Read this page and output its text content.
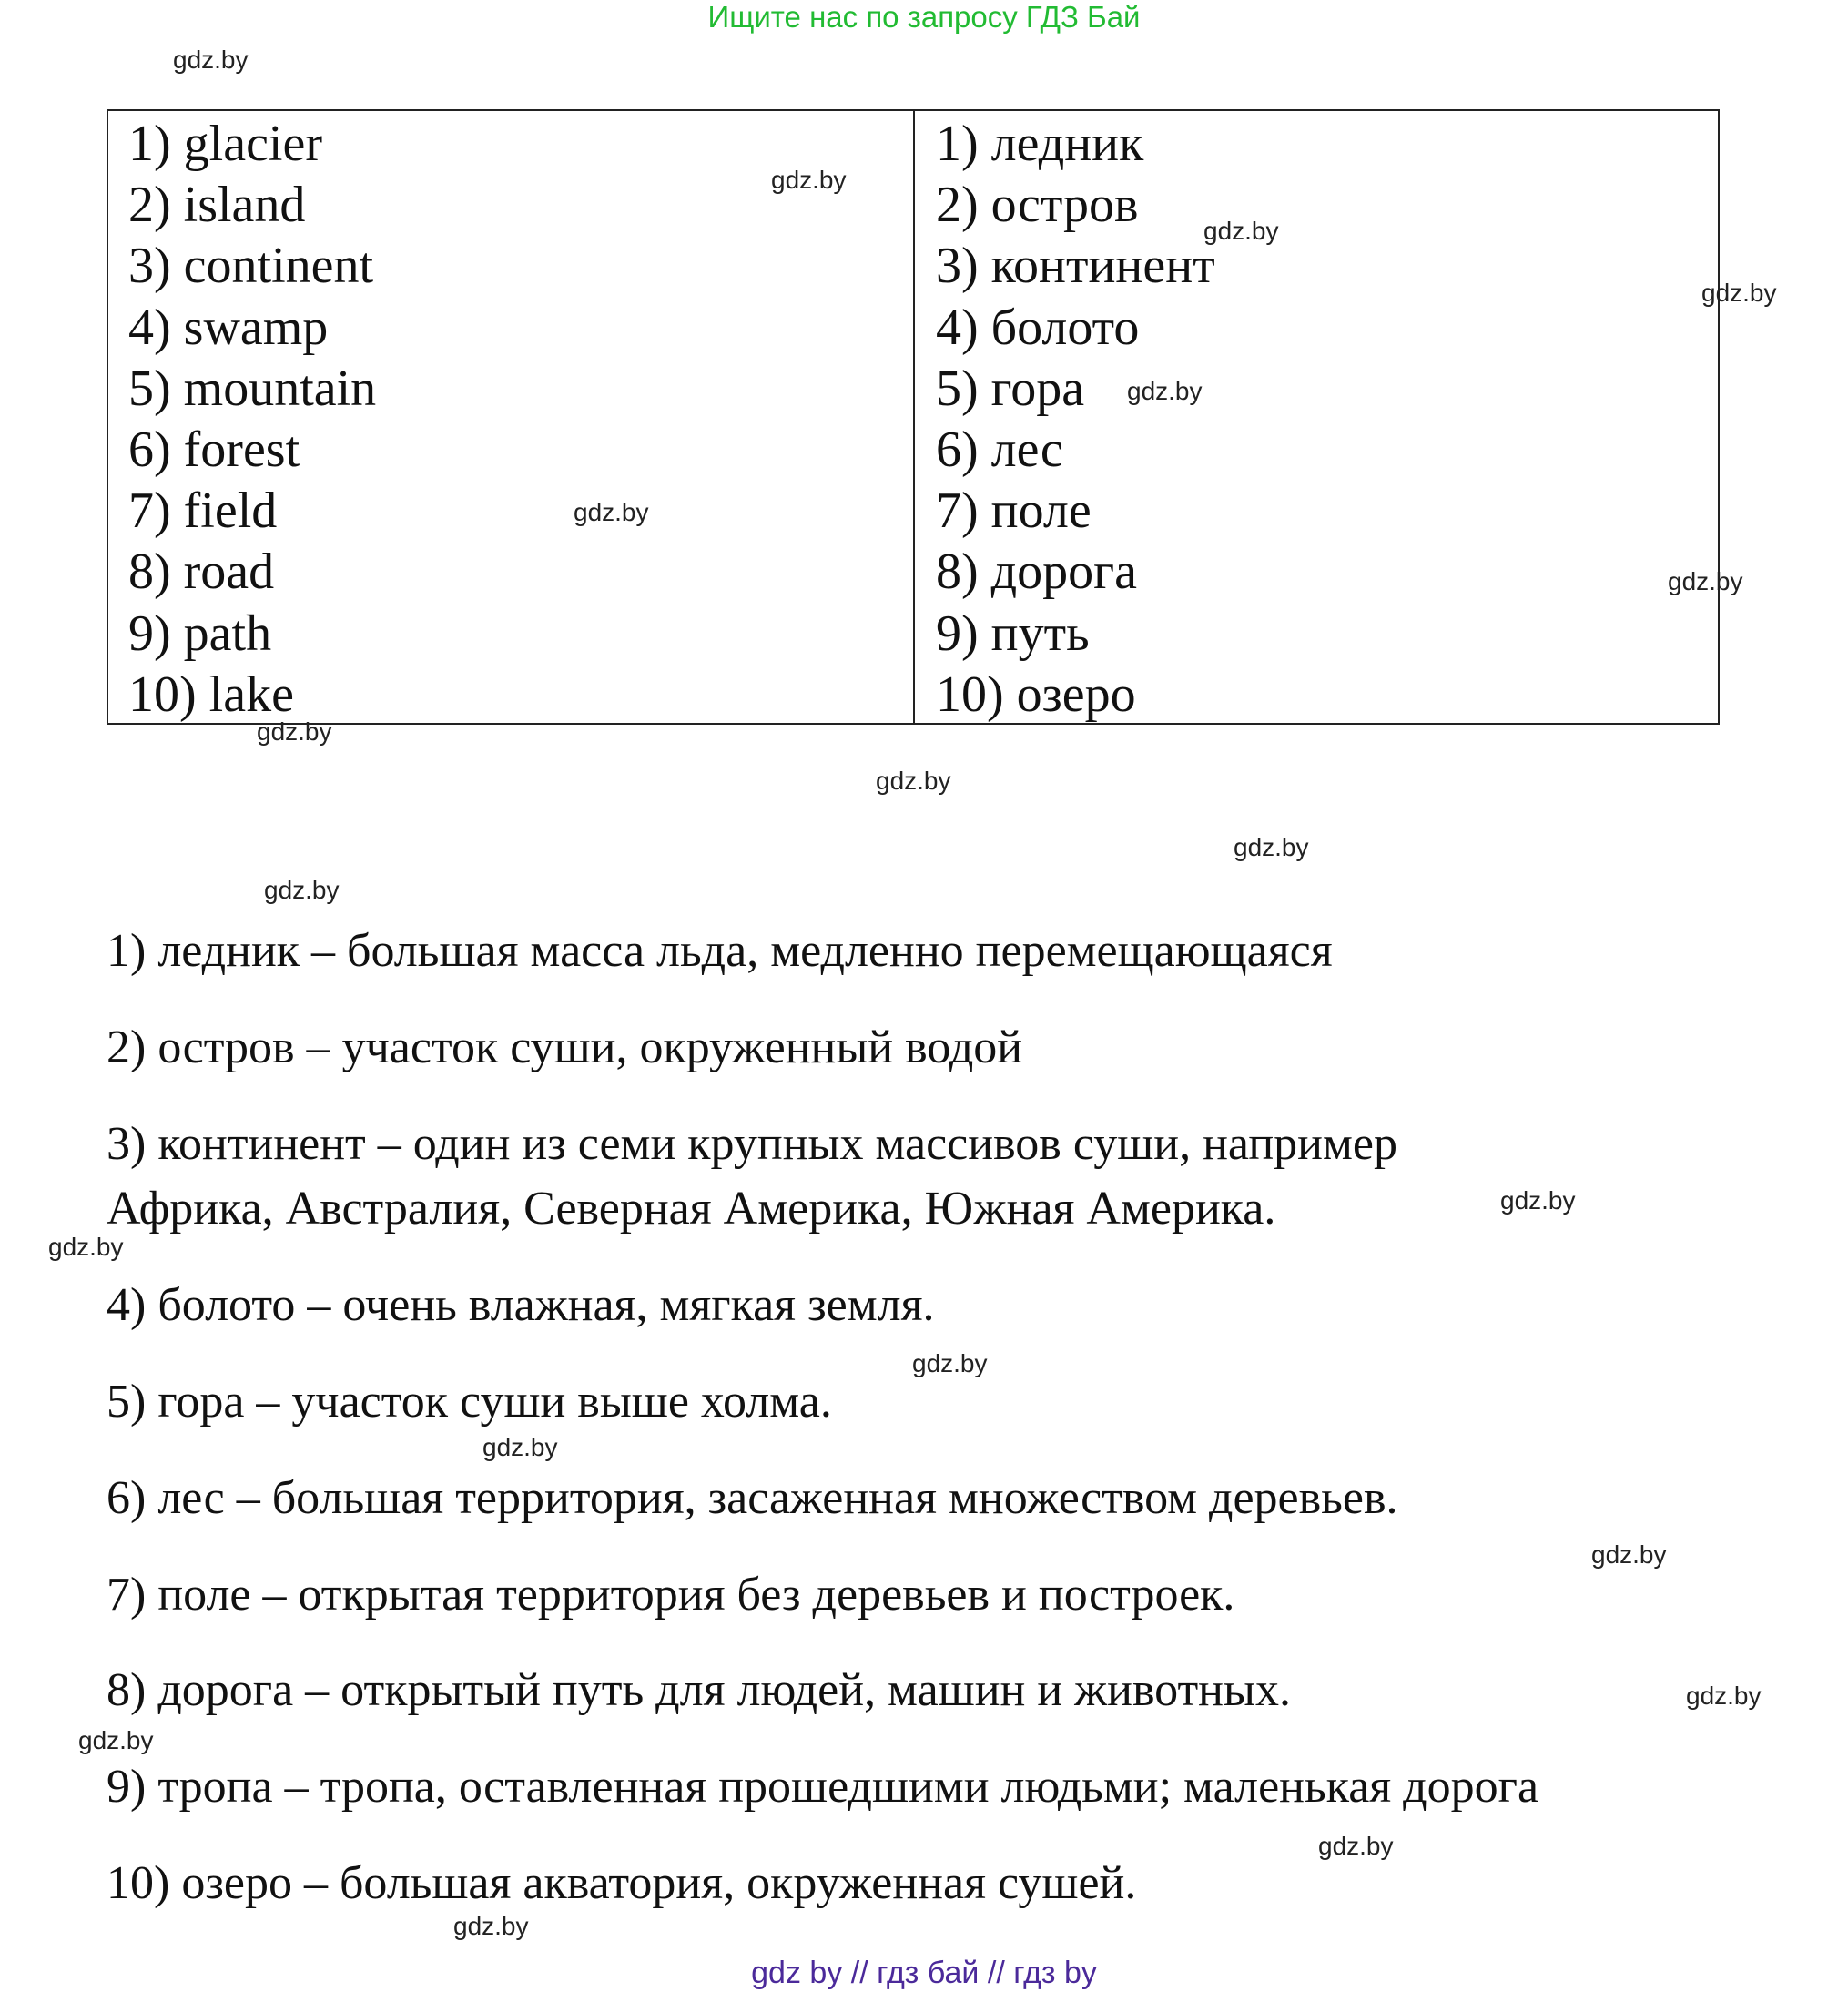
Ищите нас по запросу ГДЗ Бай
gdz.by
gdz.by
gdz.by
gdz.by
gdz.by
gdz.by
gdz.by
gdz.by
gdz.by
gdz.by
gdz.by
gdz.by
gdz.by
gdz.by
gdz.by
gdz.by
gdz.by
gdz.by
gdz.by
gdz.by
1) glacier
2) island
3) continent
4) swamp
5) mountain
6) forest
7) field
8) road
9) path
10) lake
1) ледник
2) остров
3) континент
4) болото
5) гора
6) лес
7) поле
8) дорога
9) путь
10) озеро
1) ледник – большая масса льда, медленно перемещающаяся
2) остров – участок суши, окруженный водой
3) континент – один из семи крупных массивов суши, например
Африка, Австралия, Северная Америка, Южная Америка.
4) болото – очень влажная, мягкая земля.
5) гора – участок суши выше холма.
6) лес – большая территория, засаженная множеством деревьев.
7) поле – открытая территория без деревьев и построек.
8) дорога – открытый путь для людей, машин и животных.
9) тропа – тропа, оставленная прошедшими людьми; маленькая дорога
10) озеро – большая акватория, окруженная сушей.
gdz by // гдз бай // гдз by
